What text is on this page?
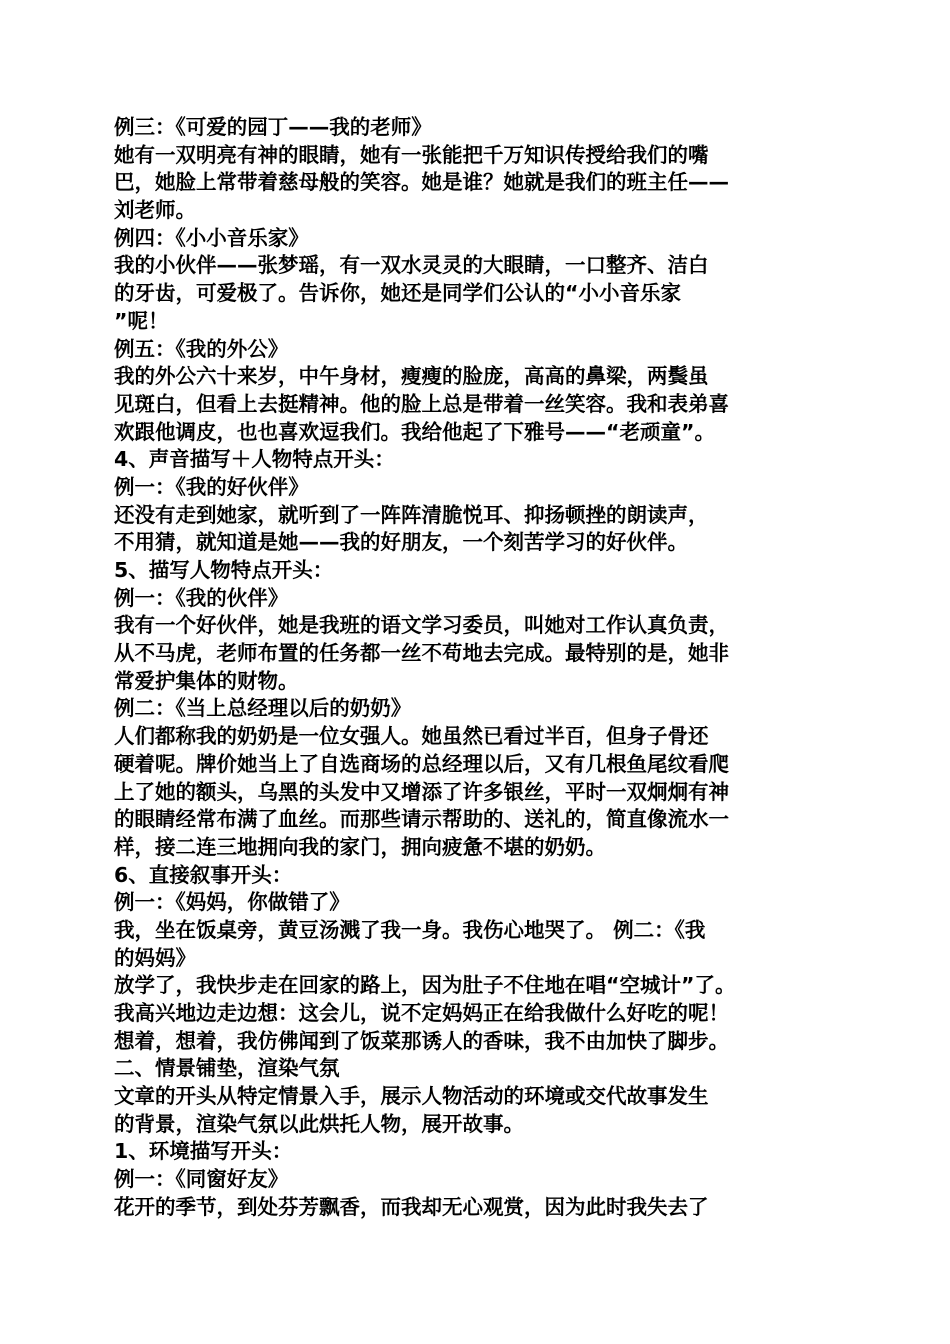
例三：《可爱的园丁——我的老师》
她有一双明亮有神的眼睛，她有一张能把千万知识传授给我们的嘴
巴，她脸上常带着慈母般的笑容。她是谁？她就是我们的班主任——
刘老师。
例四：《小小音乐家》
我的小伙伴——张梦瑶，有一双水灵灵的大眼睛，一口整齐、洁白
的牙齿，可爱极了。告诉你，她还是同学们公认的“小小音乐家
”呢！
例五：《我的外公》
我的外公六十来岁，中午身材，瘦瘦的脸庞，高高的鼻梁，两鬓虽
见斑白，但看上去挺精神。他的脸上总是带着一丝笑容。我和表弟喜
欢跟他调皮，也也喜欢逗我们。我给他起了下雅号——“老顽童”。
4、声音描写＋人物特点开头：
例一：《我的好伙伴》
还没有走到她家，就听到了一阵阵清脆悦耳、抑扬顿挫的朗读声，
不用猜，就知道是她——我的好朋友，一个刻苦学习的好伙伴。
5、描写人物特点开头：
例一：《我的伙伴》
我有一个好伙伴，她是我班的语文学习委员，叫她对工作认真负责，
从不马虎，老师布置的任务都一丝不苟地去完成。最特别的是，她非
常爱护集体的财物。
例二：《当上总经理以后的奶奶》
人们都称我的奶奶是一位女强人。她虽然已看过半百，但身子骨还
硬着呢。牌价她当上了自选商场的总经理以后，又有几根鱼尾纹看爬
上了她的额头，乌黑的头发中又增添了许多银丝，平时一双炯炯有神
的眼睛经常布满了血丝。而那些请示帮助的、送礼的，简直像流水一
样，接二连三地拥向我的家门，拥向疲惫不堪的奶奶。
6、直接叙事开头：
例一：《妈妈，你做错了》
我，坐在饭桌旁，黄豆汤溅了我一身。我伤心地哭了。 例二：《我
的妈妈》
放学了，我快步走在回家的路上，因为肚子不住地在唱“空城计”了。
我高兴地边走边想：这会儿，说不定妈妈正在给我做什么好吃的呢！
想着，想着，我仿佛闻到了饭菜那诱人的香味，我不由加快了脚步。
二、情景铺垫，渲染气氛
文章的开头从特定情景入手，展示人物活动的环境或交代故事发生
的背景，渲染气氛以此烘托人物，展开故事。
1、环境描写开头：
例一：《同窗好友》
花开的季节，到处芬芳飘香，而我却无心观赏，因为此时我失去了
